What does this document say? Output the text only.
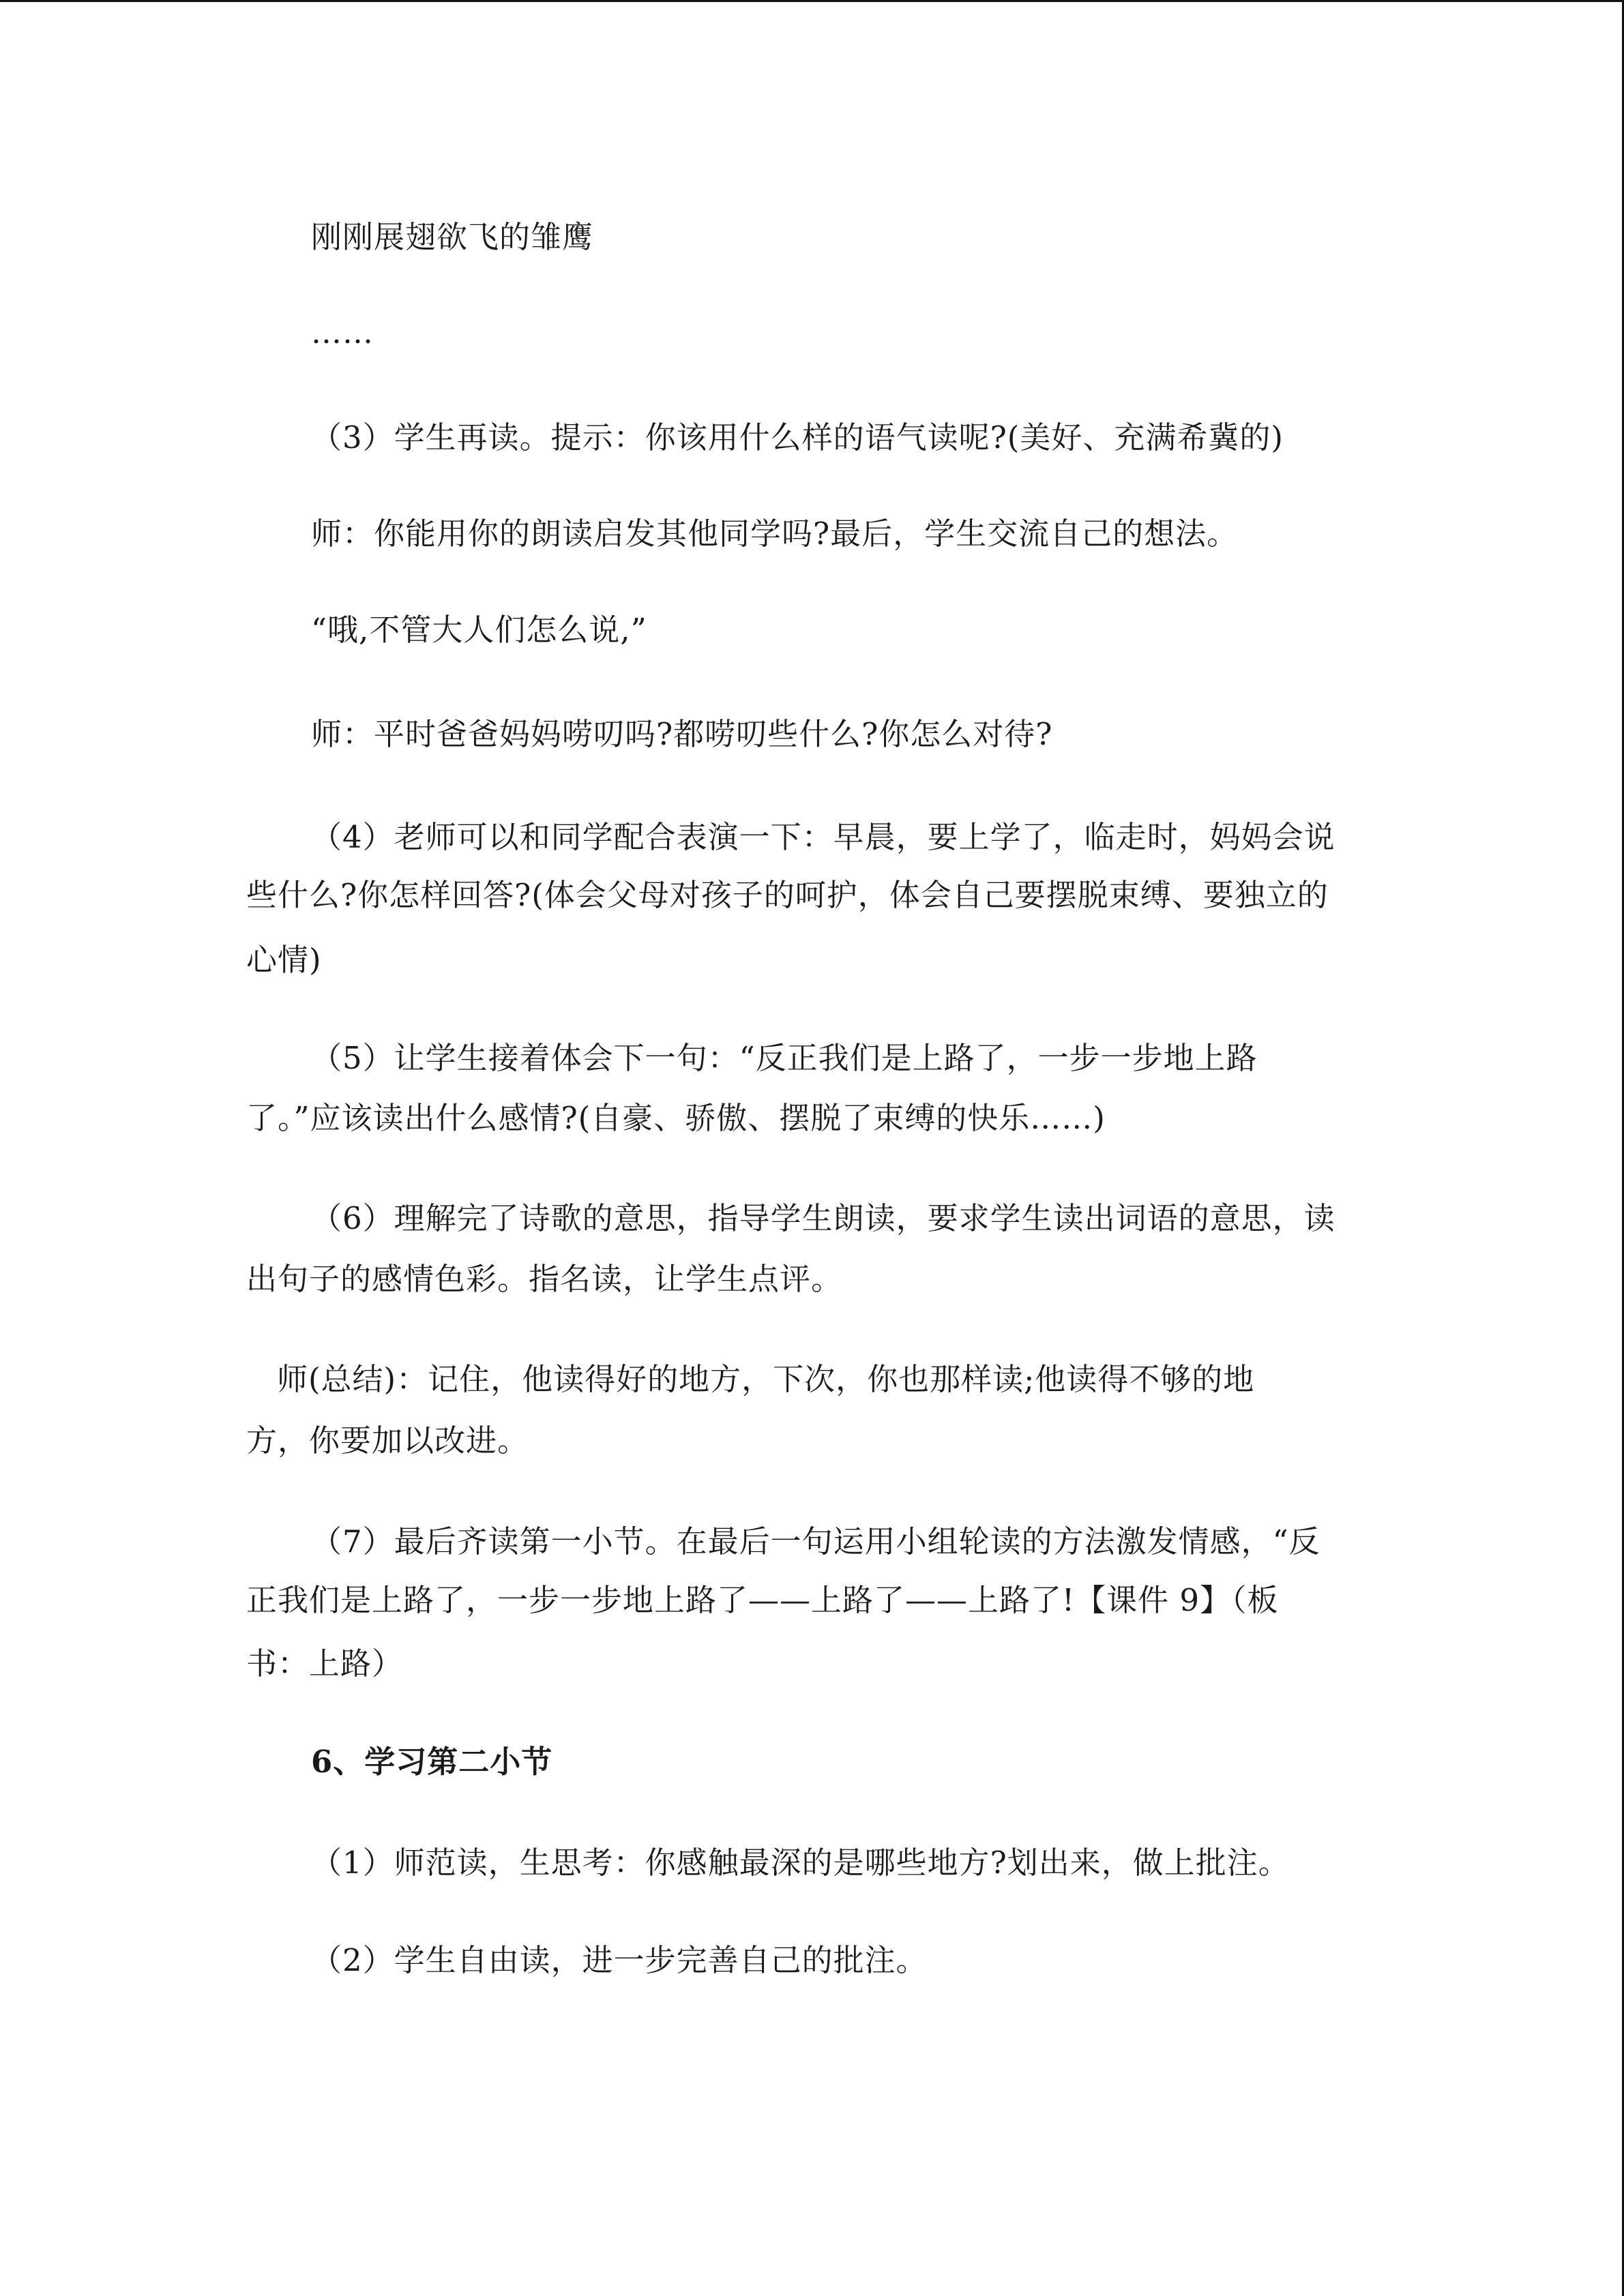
刚刚展翅欲飞的雏鹰
……
（3）学生再读。提示：你该用什么样的语气读呢?(美好、充满希冀的)
师：你能用你的朗读启发其他同学吗?最后，学生交流自己的想法。
“哦,不管大人们怎么说,”
师：平时爸爸妈妈唠叨吗?都唠叨些什么?你怎么对待?
（4）老师可以和同学配合表演一下：早晨，要上学了，临走时，妈妈会说
些什么?你怎样回答?(体会父母对孩子的呵护，体会自己要摆脱束缚、要独立的
心情)
（5）让学生接着体会下一句：“反正我们是上路了，一步一步地上路
了。”应该读出什么感情?(自豪、骄傲、摆脱了束缚的快乐……)
（6）理解完了诗歌的意思，指导学生朗读，要求学生读出词语的意思，读
出句子的感情色彩。指名读，让学生点评。
师(总结)：记住，他读得好的地方，下次，你也那样读;他读得不够的地
方，你要加以改进。
（7）最后齐读第一小节。在最后一句运用小组轮读的方法激发情感，“反
正我们是上路了，一步一步地上路了——上路了——上路了!【课件 9】（板
书：上路）
6、学习第二小节
（1）师范读，生思考：你感触最深的是哪些地方?划出来，做上批注。
（2）学生自由读，进一步完善自己的批注。
